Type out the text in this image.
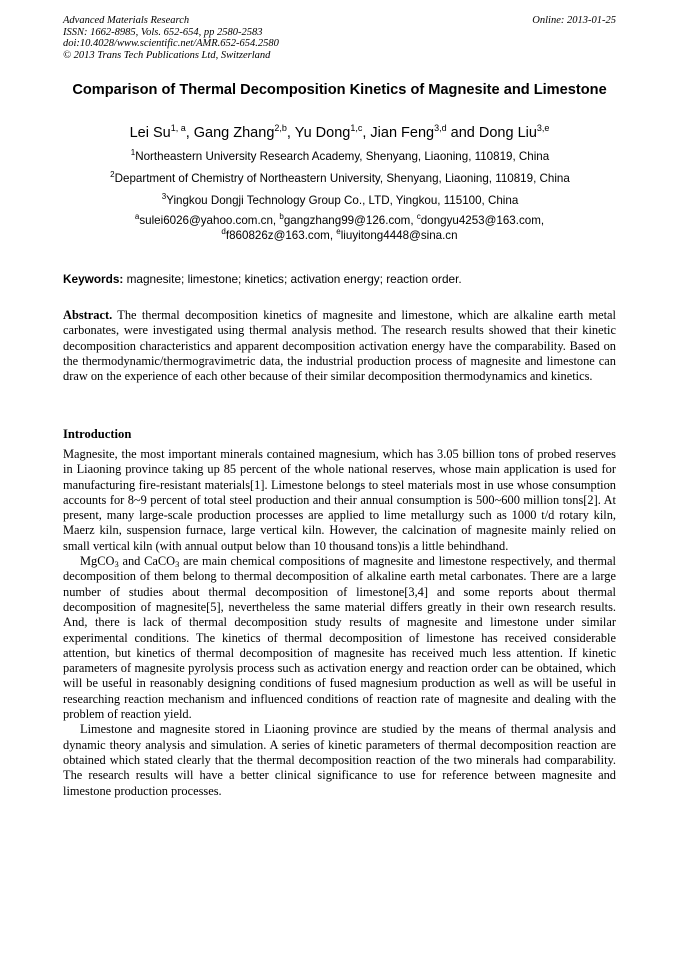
Advanced Materials Research
ISSN: 1662-8985, Vols. 652-654, pp 2580-2583
doi:10.4028/www.scientific.net/AMR.652-654.2580
© 2013 Trans Tech Publications Ltd, Switzerland
Online: 2013-01-25
Comparison of Thermal Decomposition Kinetics of Magnesite and Limestone
Lei Su$^{1, a}$, Gang Zhang$^{2,b}$, Yu Dong$^{1,c}$, Jian Feng$^{3,d}$ and Dong Liu$^{3,e}$
$^1$Northeastern University Research Academy, Shenyang, Liaoning, 110819, China
$^2$Department of Chemistry of Northeastern University, Shenyang, Liaoning, 110819, China
$^3$Yingkou Dongji Technology Group Co., LTD, Yingkou, 115100, China
$^a$sulei6026@yahoo.com.cn, $^b$gangzhang99@126.com, $^c$dongyu4253@163.com,
$^d$f860826z@163.com, $^e$liuyitong4448@sina.cn
Keywords: magnesite; limestone; kinetics; activation energy; reaction order.
Abstract. The thermal decomposition kinetics of magnesite and limestone, which are alkaline earth metal carbonates, were investigated using thermal analysis method. The research results showed that their kinetic decomposition characteristics and apparent decomposition activation energy have the comparability. Based on the thermodynamic/thermogravimetric data, the industrial production process of magnesite and limestone can draw on the experience of each other because of their similar decomposition thermodynamics and kinetics.
Introduction

Magnesite, the most important minerals contained magnesium, which has 3.05 billion tons of probed reserves in Liaoning province taking up 85 percent of the whole national reserves, whose main application is used for manufacturing fire-resistant materials[1]. Limestone belongs to steel materials most in use whose consumption accounts for 8~9 percent of total steel production and their annual consumption is 500~600 million tons[2]. At present, many large-scale production processes are applied to lime metallurgy such as 1000 t/d rotary kiln, Maerz kiln, suspension furnace, large vertical kiln. However, the calcination of magnesite mainly relied on small vertical kiln (with annual output below than 10 thousand tons)is a little behindhand.

MgCO$_3$ and CaCO$_3$ are main chemical compositions of magnesite and limestone respectively, and thermal decomposition of them belong to thermal decomposition of alkaline earth metal carbonates. There are a large number of studies about thermal decomposition of limestone[3,4] and some reports about thermal decomposition of magnesite[5], nevertheless the same material differs greatly in their own research results. And, there is lack of thermal decomposition study results of magnesite and limestone under similar experimental conditions. The kinetics of thermal decomposition of limestone has received considerable attention, but kinetics of thermal decomposition of magnesite has received much less attention. If kinetic parameters of magnesite pyrolysis process such as activation energy and reaction order can be obtained, which will be useful in reasonably designing conditions of fused magnesium production as well as will be useful in researching reaction mechanism and influenced conditions of reaction rate of magnesite and dealing with the problem of reaction yield.

Limestone and magnesite stored in Liaoning province are studied by the means of thermal analysis and dynamic theory analysis and simulation. A series of kinetic parameters of thermal decomposition reaction are obtained which stated clearly that the thermal decomposition reaction of the two minerals had comparability. The research results will have a better clinical significance to use for reference between magnesite and limestone production processes.
